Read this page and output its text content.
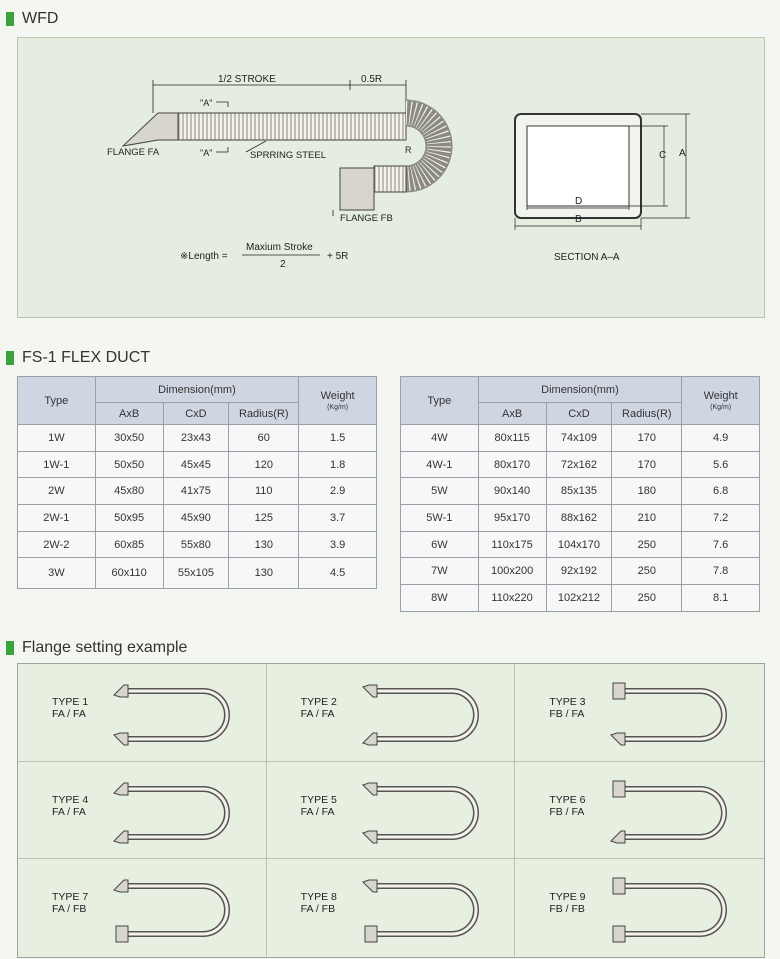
WFD
1/2 STROKE	0.5R
"A"
"A"
FLANGE FA	SPRRING STEEL	R
FLANGE FB
※Length =
Maxium Stroke
2
+ 5R
D
B
C A
SECTION A–A
FS-1 FLEX DUCT
Type	Dimension(mm)			Weight
(Kg/m)

	AxB	CxD	Radius(R)	
1W	30x50	23x43	60	1.5
1W-1	50x50	45x45	120	1.8
2W	45x80	41x75	110	2.9
2W-1	50x95	45x90	125	3.7
2W-2	60x85	55x80	130	3.9
3W	60x110	55x105	130	4.5
Type	Dimension(mm)			Weight
(Kg/m)

	AxB	CxD	Radius(R)	
4W	80x115	74x109	170	4.9
4W-1	80x170	72x162	170	5.6
5W	90x140	85x135	180	6.8
5W-1	95x170	88x162	210	7.2
6W	110x175	104x170	250	7.6
7W	100x200	92x192	250	7.8
8W	110x220	102x212	250	8.1
Flange setting example
TYPE 1
FA / FA
TYPE 2
FA / FA
TYPE 3
FB / FA
TYPE 4
FA / FA
TYPE 5
FA / FA
TYPE 6
FB / FA
TYPE 7
FA / FB
TYPE 8
FA / FB
TYPE 9
FB / FB
